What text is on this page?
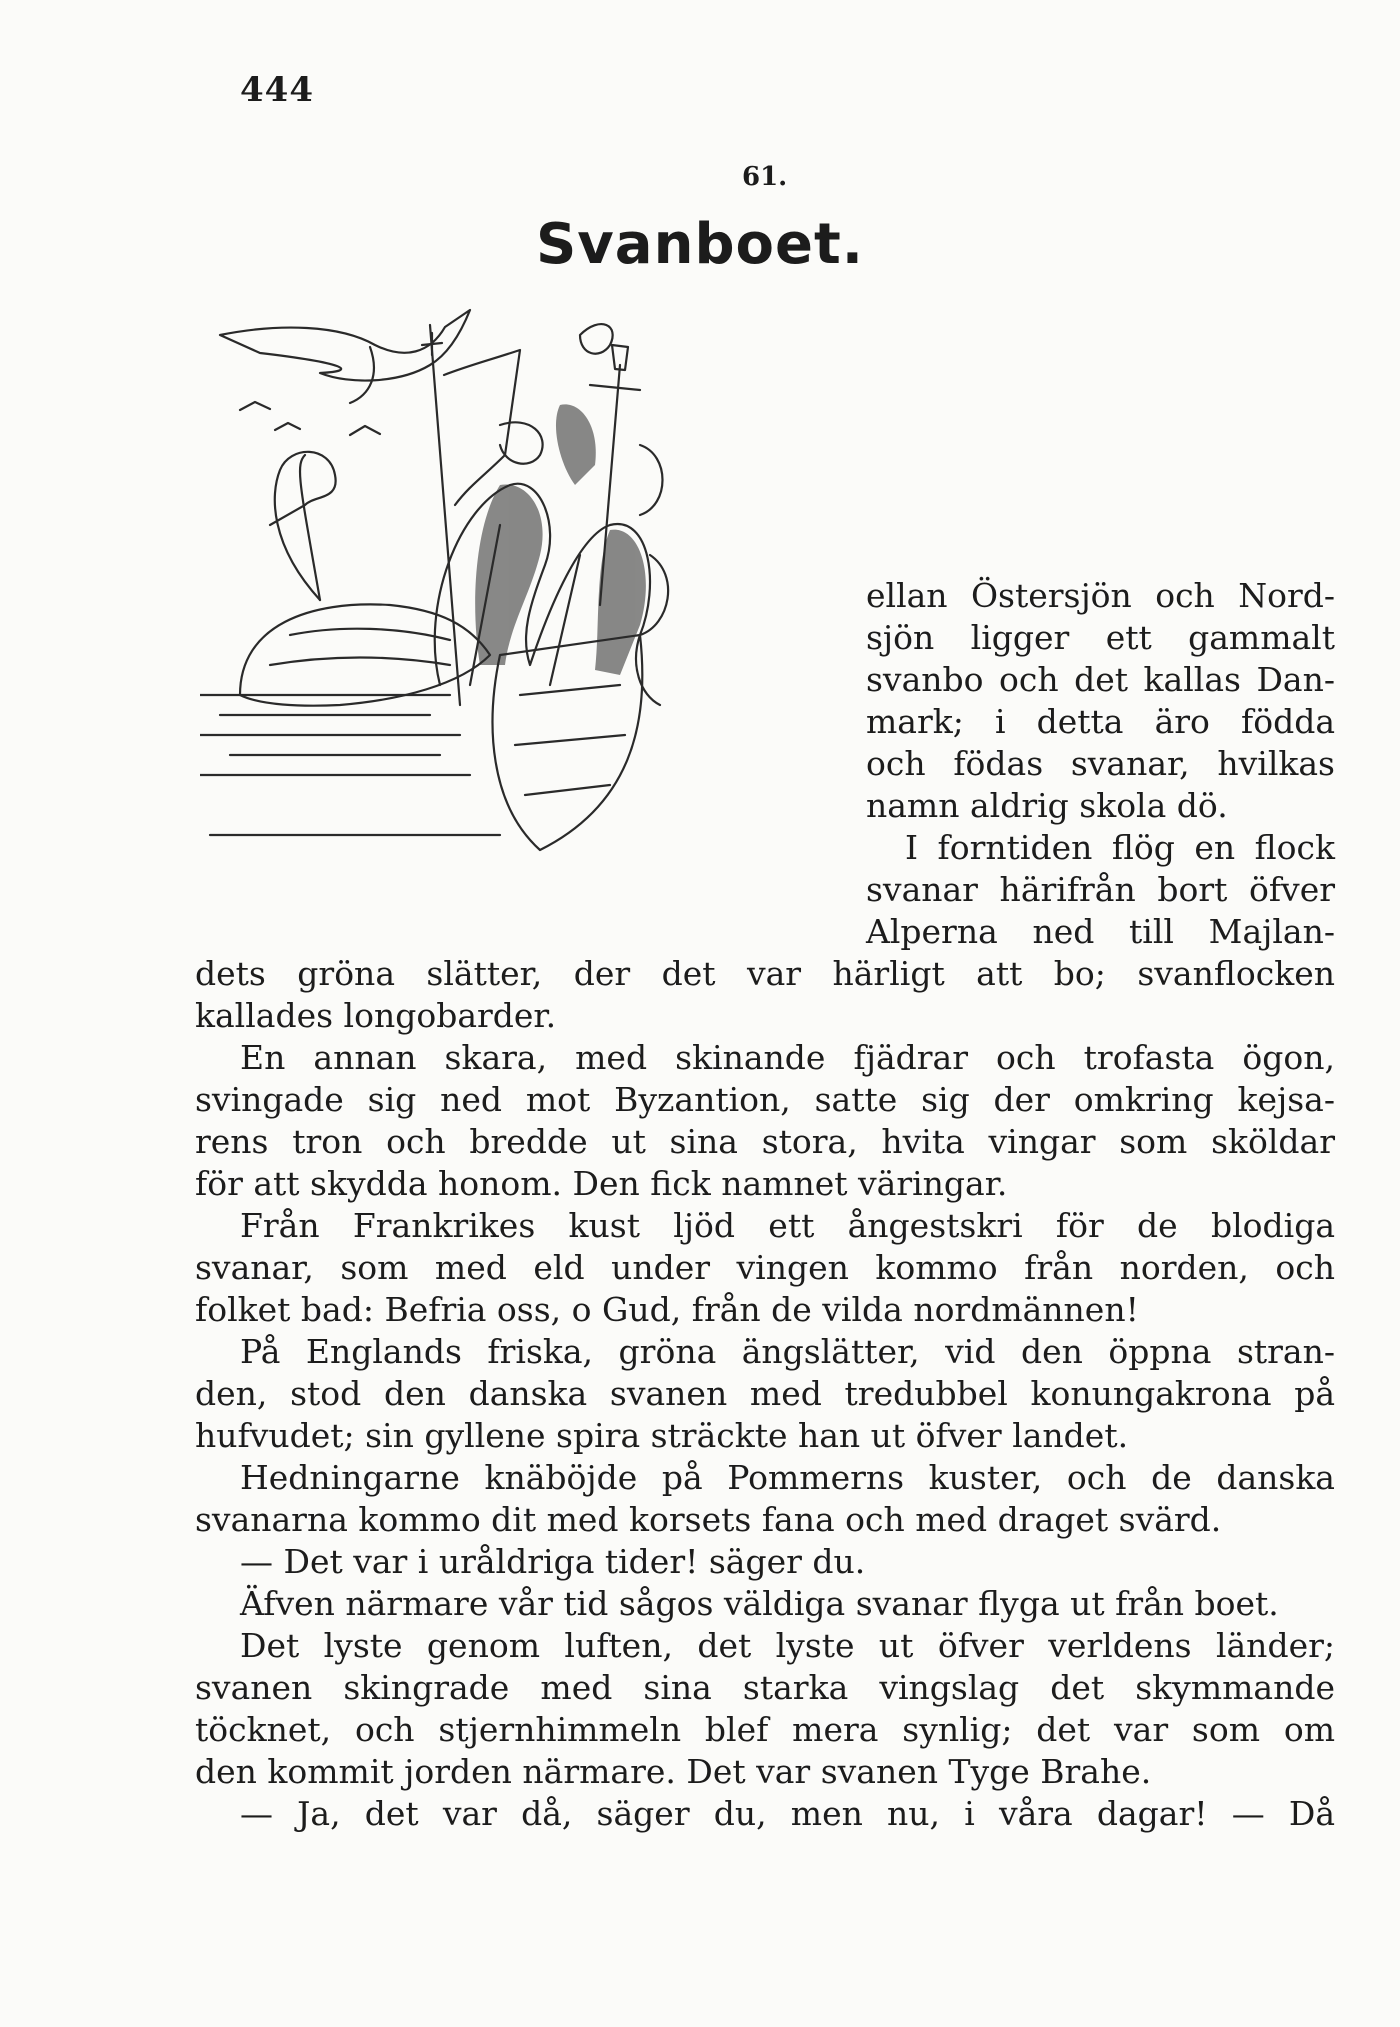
444
61.
Svanboet.
ellan Östersjön och Nord-
sjön ligger ett gammalt
svanbo och det kallas Dan-
mark; i detta äro födda
och födas svanar, hvilkas
namn aldrig skola dö.
I forntiden flög en flock
svanar härifrån bort öfver
Alperna ned till Majlan-
dets gröna slätter, der det var härligt att bo; svanflocken
kallades longobarder.
En annan skara, med skinande fjädrar och trofasta ögon,
svingade sig ned mot Byzantion, satte sig der omkring kejsa-
rens tron och bredde ut sina stora, hvita vingar som sköldar
för att skydda honom. Den fick namnet väringar.
Från Frankrikes kust ljöd ett ångestskri för de blodiga
svanar, som med eld under vingen kommo från norden, och
folket bad: Befria oss, o Gud, från de vilda nordmännen!
På Englands friska, gröna ängslätter, vid den öppna stran-
den, stod den danska svanen med tredubbel konungakrona på
hufvudet; sin gyllene spira sträckte han ut öfver landet.
Hedningarne knäböjde på Pommerns kuster, och de danska
svanarna kommo dit med korsets fana och med draget svärd.
— Det var i uråldriga tider! säger du.
Äfven närmare vår tid sågos väldiga svanar flyga ut från boet.
Det lyste genom luften, det lyste ut öfver verldens länder;
svanen skingrade med sina starka vingslag det skymmande
töcknet, och stjernhimmeln blef mera synlig; det var som om
den kommit jorden närmare. Det var svanen Tyge Brahe.
— Ja, det var då, säger du, men nu, i våra dagar! — Då
